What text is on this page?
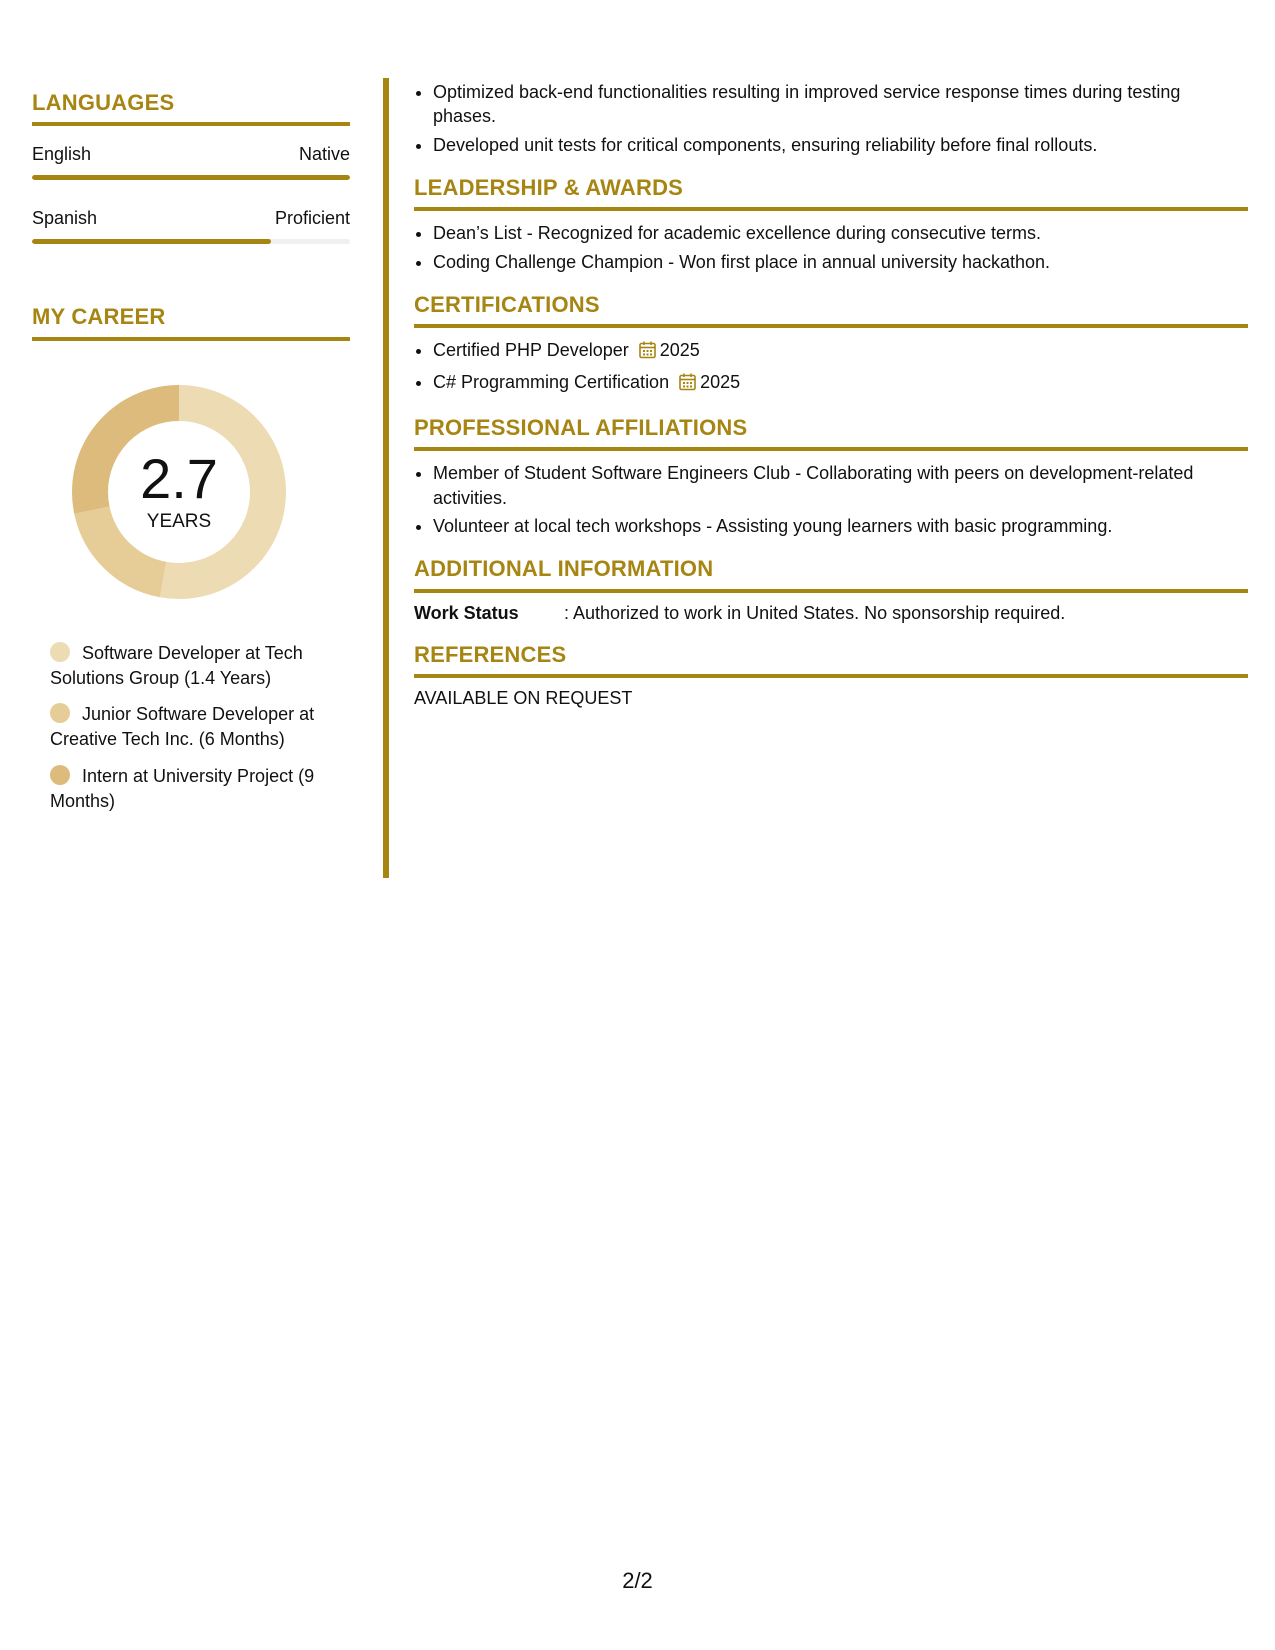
LANGUAGES
English	Native
Spanish	Proficient
MY CAREER
2.7
YEARS
Software Developer at Tech Solutions Group (1.4 Years)
Junior Software Developer at Creative Tech Inc. (6 Months)
Intern at University Project (9 Months)
• Optimized back-end functionalities resulting in improved service response times during testing phases.
• Developed unit tests for critical components, ensuring reliability before final rollouts.
LEADERSHIP & AWARDS
• Dean’s List - Recognized for academic excellence during consecutive terms.
• Coding Challenge Champion - Won first place in annual university hackathon.
CERTIFICATIONS
• Certified PHP Developer 2025
• C# Programming Certification 2025
PROFESSIONAL AFFILIATIONS
• Member of Student Software Engineers Club - Collaborating with peers on development-related activities.
• Volunteer at local tech workshops - Assisting young learners with basic programming.
ADDITIONAL INFORMATION
Work Status	: Authorized to work in United States. No sponsorship required.
REFERENCES
AVAILABLE ON REQUEST
2/2
